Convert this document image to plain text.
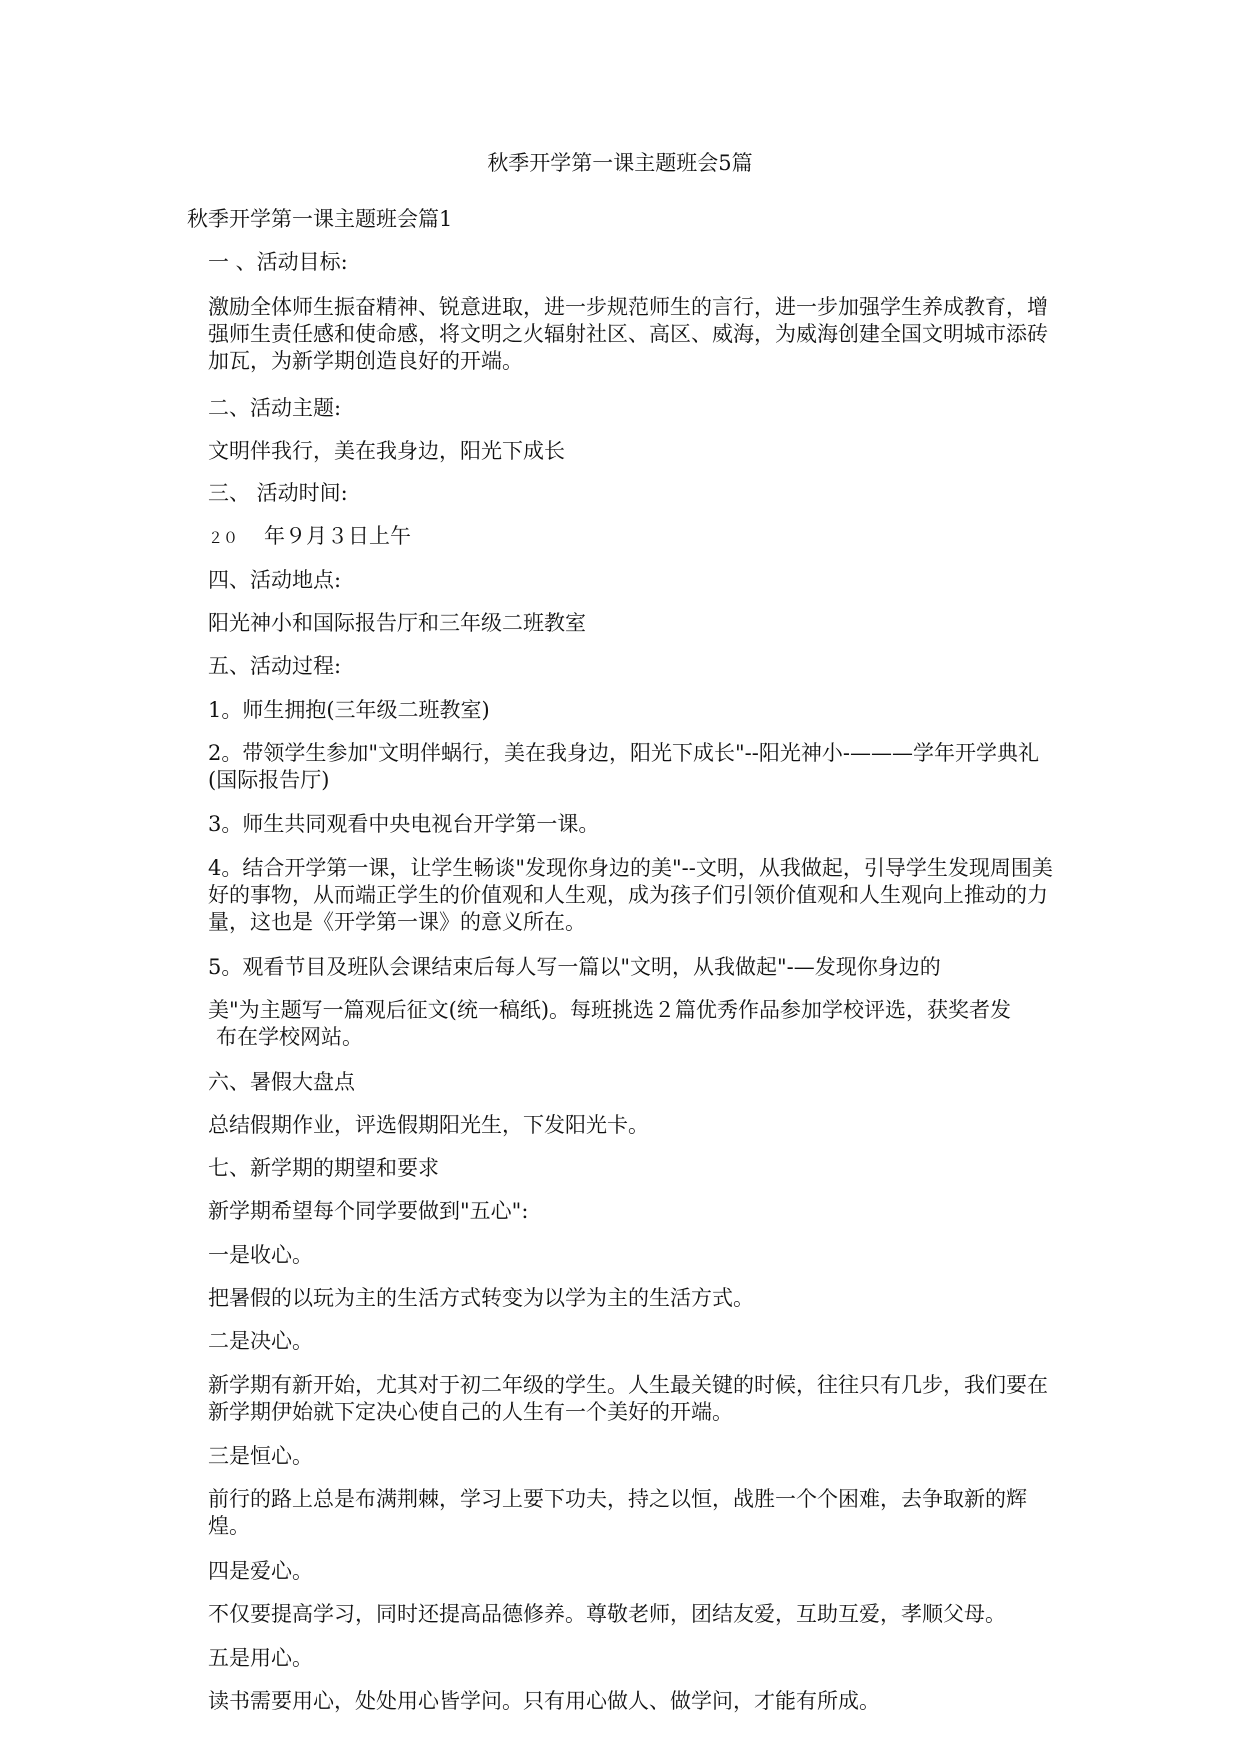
秋季开学第一课主题班会5篇
秋季开学第一课主题班会篇1
一 、活动目标:
激励全体师生振奋精神、锐意进取，进一步规范师生的言行，进一步加强学生养成教育，增强师生责任感和使命感，将文明之火辐射社区、高区、威海，为威海创建全国文明城市添砖加瓦，为新学期创造良好的开端。
二、活动主题:
文明伴我行，美在我身边，阳光下成长
三、 活动时间:
２０ 年９月３日上午
四、活动地点:
阳光神小和国际报告厅和三年级二班教室
五、活动过程:
1。师生拥抱(三年级二班教室)
2。带领学生参加"文明伴蜗行，美在我身边，阳光下成长"--阳光神小-———学年开学典礼(国际报告厅)
3。师生共同观看中央电视台开学第一课。
4。结合开学第一课，让学生畅谈"发现你身边的美"--文明，从我做起，引导学生发现周围美好的事物，从而端正学生的价值观和人生观，成为孩子们引领价值观和人生观向上推动的力量，这也是《开学第一课》的意义所在。
5。观看节目及班队会课结束后每人写一篇以"文明，从我做起"-—发现你身边的
美"为主题写一篇观后征文(统一稿纸)。每班挑选２篇优秀作品参加学校评选，获奖者发
布在学校网站。
六、暑假大盘点
总结假期作业，评选假期阳光生，下发阳光卡。
七、新学期的期望和要求
新学期希望每个同学要做到"五心":
一是收心。
把暑假的以玩为主的生活方式转变为以学为主的生活方式。
二是决心。
新学期有新开始，尤其对于初二年级的学生。人生最关键的时候，往往只有几步，我们要在新学期伊始就下定决心使自己的人生有一个美好的开端。
三是恒心。
前行的路上总是布满荆棘，学习上要下功夫，持之以恒，战胜一个个困难，去争取新的辉煌。
四是爱心。
不仅要提高学习，同时还提高品德修养。尊敬老师，团结友爱，互助互爱，孝顺父母。
五是用心。
读书需要用心，处处用心皆学问。只有用心做人、做学问，才能有所成。
